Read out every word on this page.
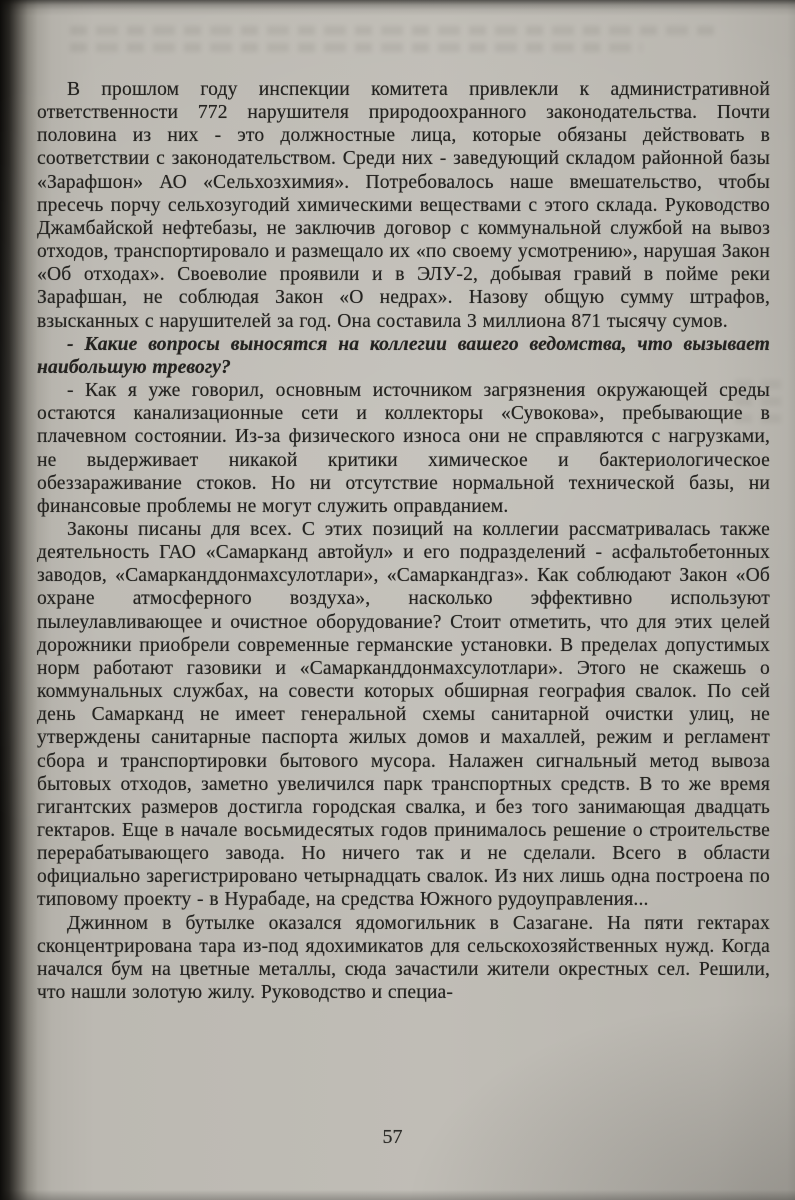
В прошлом году инспекции комитета привлекли к административной ответственности 772 нарушителя природоохранного законодательства. Почти половина из них - это должностные лица, которые обязаны действовать в соответствии с законодательством. Среди них - заведующий складом районной базы «Зарафшон» АО «Сельхозхимия». Потребовалось наше вмешательство, чтобы пресечь порчу сельхозугодий химическими веществами с этого склада. Руководство Джамбайской нефтебазы, не заключив договор с коммунальной службой на вывоз отходов, транспортировало и размещало их «по своему усмотрению», нарушая Закон «Об отходах». Своеволие проявили и в ЭЛУ-2, добывая гравий в пойме реки Зарафшан, не соблюдая Закон «О недрах». Назову общую сумму штрафов, взысканных с нарушителей за год. Она составила 3 миллиона 871 тысячу сумов.

- Какие вопросы выносятся на коллегии вашего ведомства, что вызывает наибольшую тревогу?

- Как я уже говорил, основным источником загрязнения окружающей среды остаются канализационные сети и коллекторы «Сувокова», пребывающие в плачевном состоянии. Из-за физического износа они не справляются с нагрузками, не выдерживает никакой критики химическое и бактериологическое обеззараживание стоков. Но ни отсутствие нормальной технической базы, ни финансовые проблемы не могут служить оправданием.

Законы писаны для всех. С этих позиций на коллегии рассматривалась также деятельность ГАО «Самарканд автойул» и его подразделений - асфальтобетонных заводов, «Самарканддонмахсулотлари», «Самаркандгаз». Как соблюдают Закон «Об охране атмосферного воздуха», насколько эффективно используют пылеулавливающее и очистное оборудование? Стоит отметить, что для этих целей дорожники приобрели современные германские установки. В пределах допустимых норм работают газовики и «Самарканддонмахсулотлари». Этого не скажешь о коммунальных службах, на совести которых обширная география свалок. По сей день Самарканд не имеет генеральной схемы санитарной очистки улиц, не утверждены санитарные паспорта жилых домов и махаллей, режим и регламент сбора и транспортировки бытового мусора. Налажен сигнальный метод вывоза бытовых отходов, заметно увеличился парк транспортных средств. В то же время гигантских размеров достигла городская свалка, и без того занимающая двадцать гектаров. Еще в начале восьмидесятых годов принималось решение о строительстве перерабатывающего завода. Но ничего так и не сделали. Всего в области официально зарегистрировано четырнадцать свалок. Из них лишь одна построена по типовому проекту - в Нурабаде, на средства Южного рудоуправления...

Джинном в бутылке оказался ядомогильник в Сазагане. На пяти гектарах сконцентрирована тара из-под ядохимикатов для сельскохозяйственных нужд. Когда начался бум на цветные металлы, сюда зачастили жители окрестных сел. Решили, что нашли золотую жилу. Руководство и специа-

57
